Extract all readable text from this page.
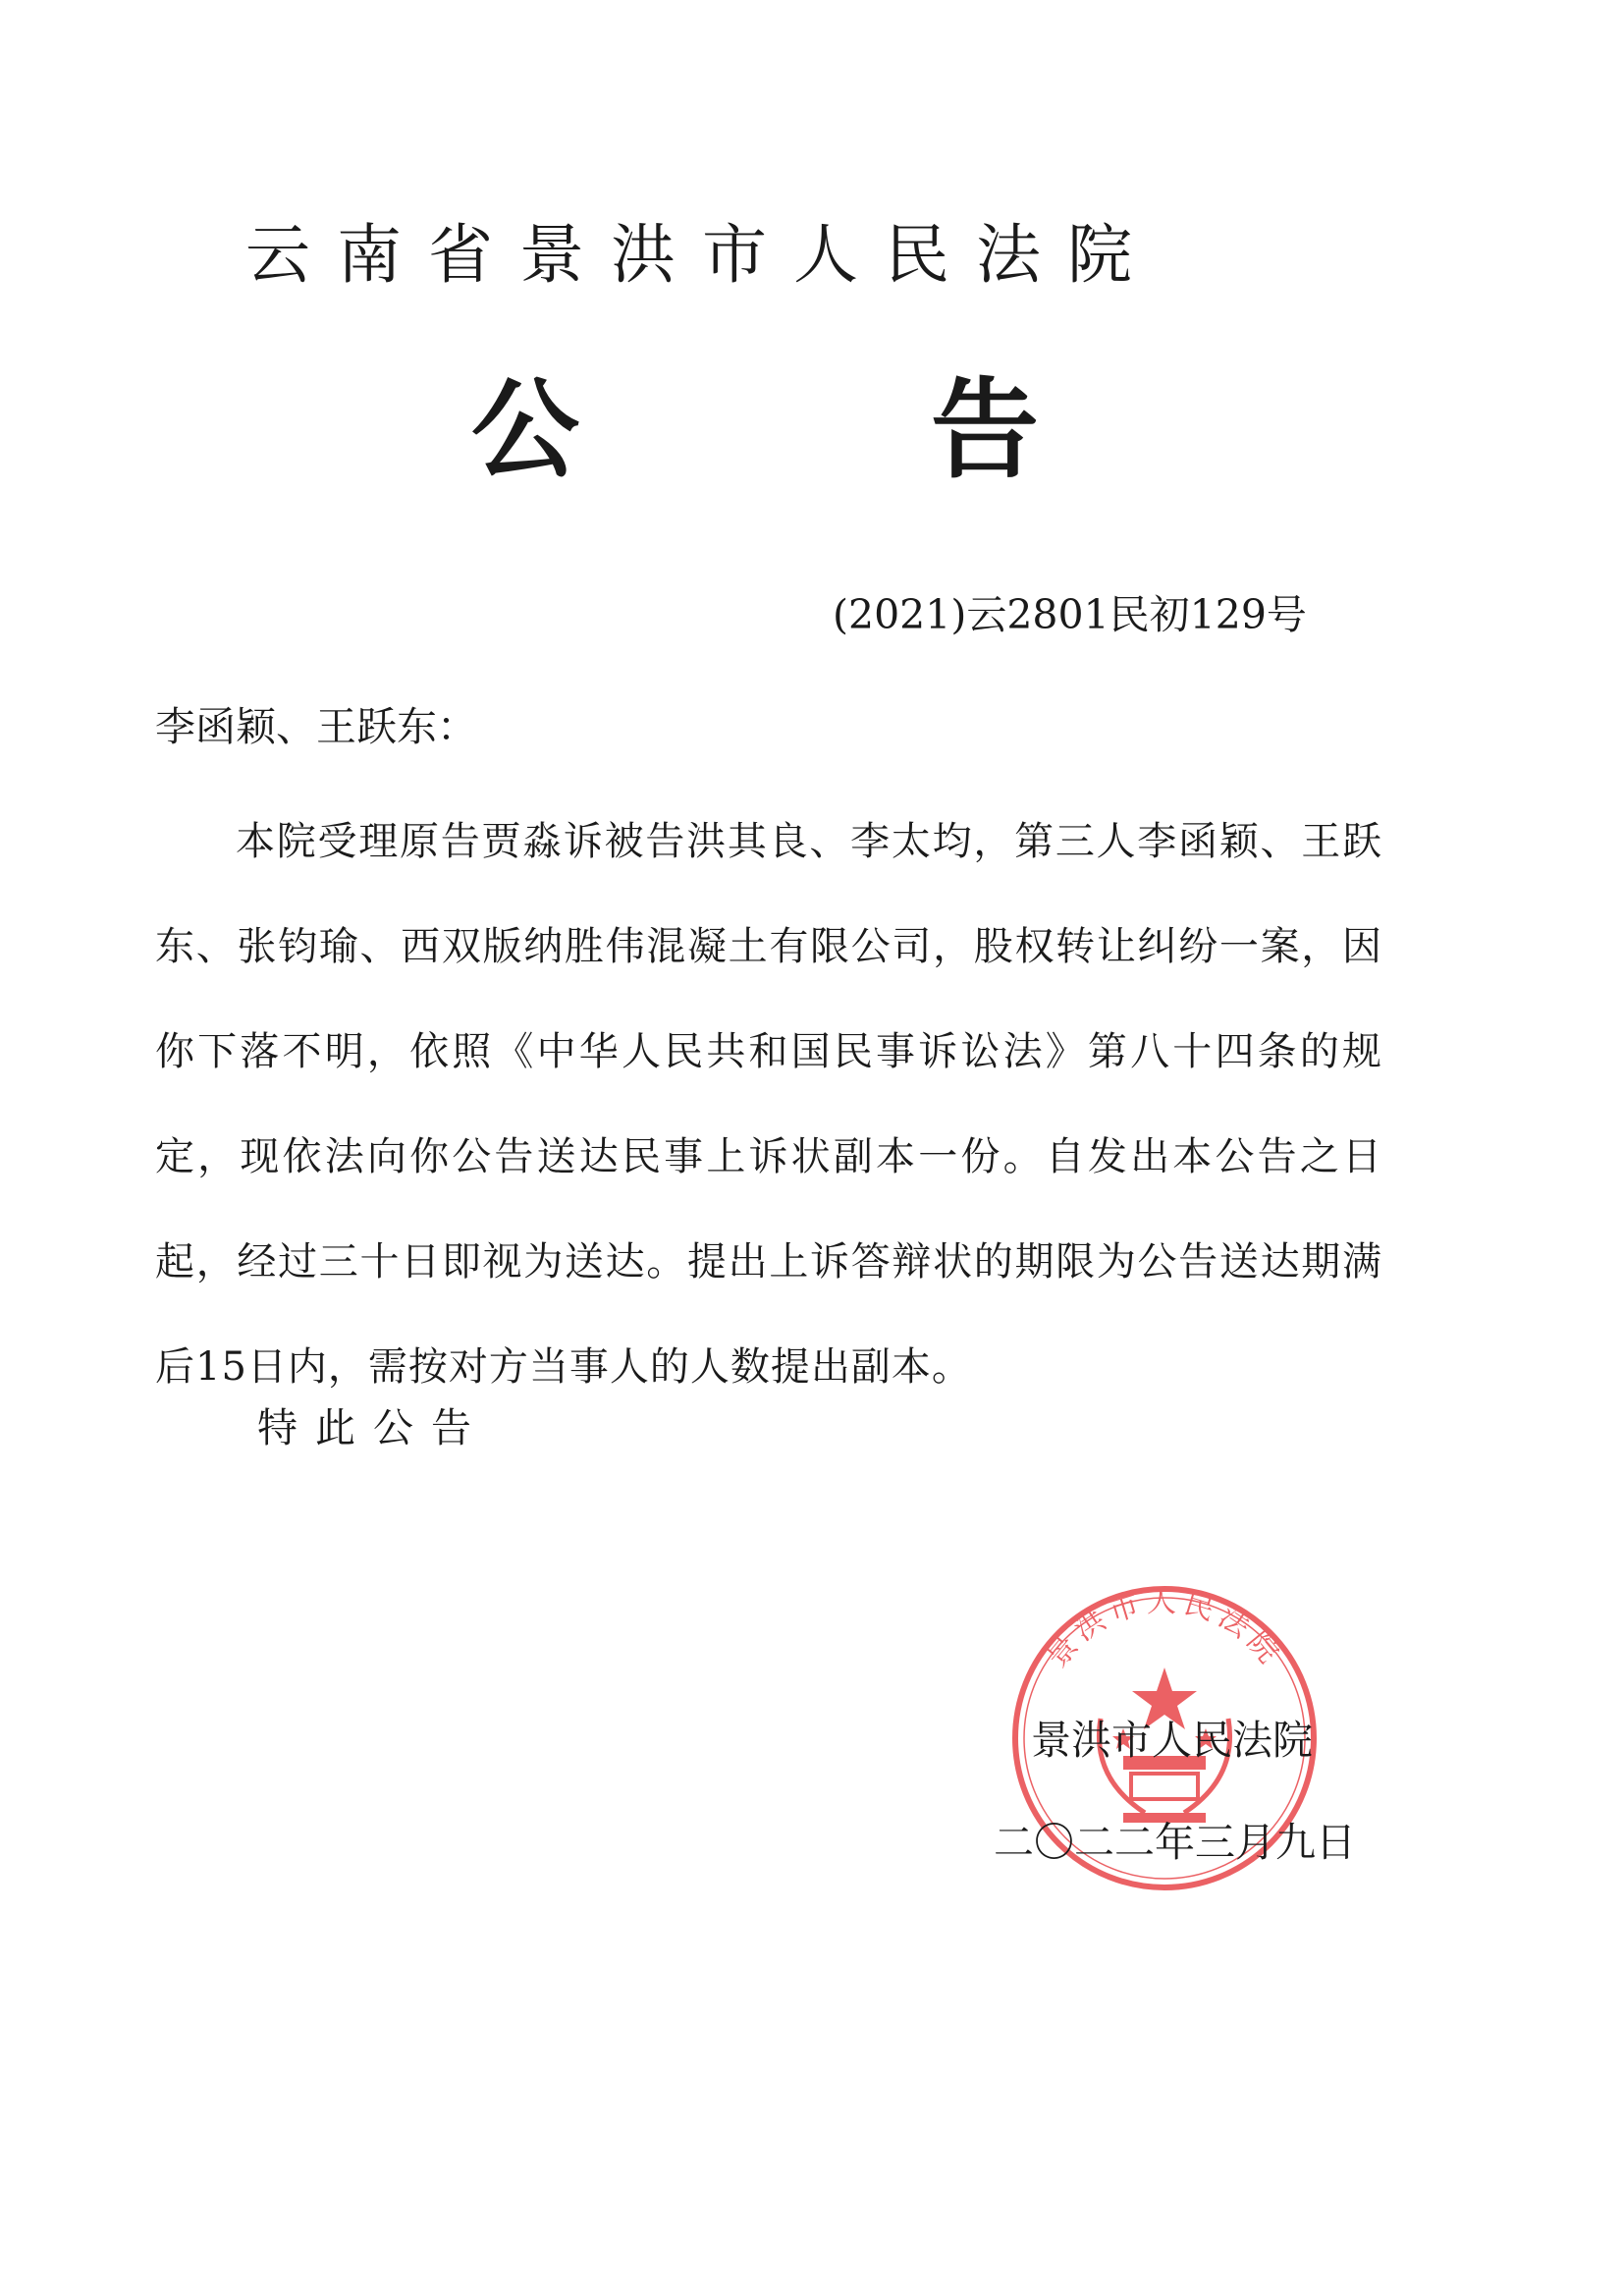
云南省景洪市人民法院
公	告
(2021)云2801民初129号
李函颖、王跃东：
本院受理原告贾淼诉被告洪其良、李太均，第三人李函颖、王跃东、张钧瑜、西双版纳胜伟混凝土有限公司，股权转让纠纷一案，因你下落不明，依照《中华人民共和国民事诉讼法》第八十四条的规定，现依法向你公告送达民事上诉状副本一份。自发出本公告之日起，经过三十日即视为送达。提出上诉答辩状的期限为公告送达期满后15日内，需按对方当事人的人数提出副本。
特此公告
景洪市人民法院
景洪市人民法院
二〇二二年三月九日
